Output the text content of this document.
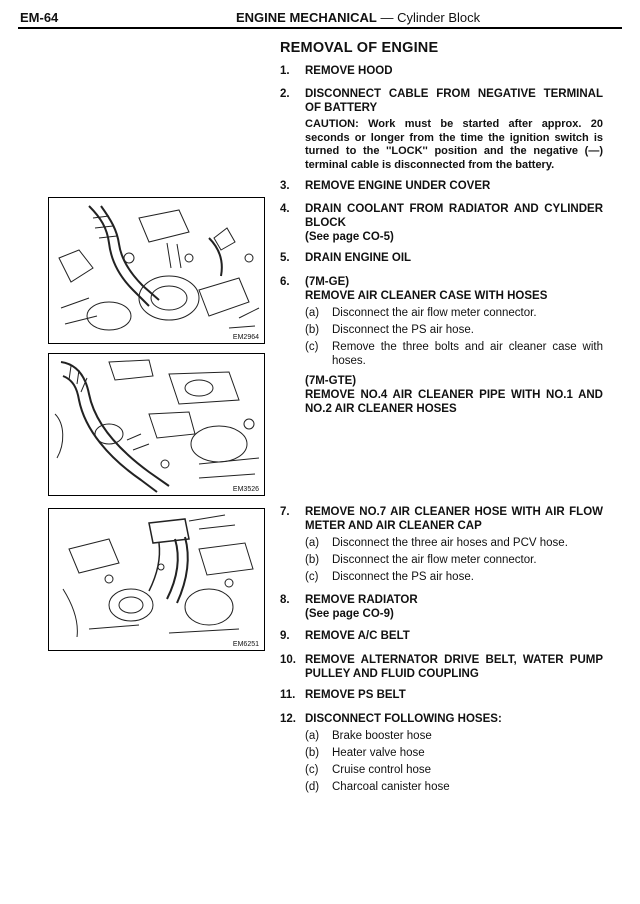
EM-64	ENGINE MECHANICAL — Cylinder Block
REMOVAL OF ENGINE
1. REMOVE HOOD
2. DISCONNECT CABLE FROM NEGATIVE TERMINAL OF BATTERY
CAUTION: Work must be started after approx. 20 seconds or longer from the time the ignition switch is turned to the ''LOCK'' position and the negative (—) terminal cable is disconnected from the battery.
3. REMOVE ENGINE UNDER COVER
4. DRAIN COOLANT FROM RADIATOR AND CYLINDER BLOCK
(See page CO-5)
5. DRAIN ENGINE OIL
6. (7M-GE)
REMOVE AIR CLEANER CASE WITH HOSES
(a) Disconnect the air flow meter connector.
(b) Disconnect the PS air hose.
(c) Remove the three bolts and air cleaner case with hoses.
(7M-GTE)
REMOVE NO.4 AIR CLEANER PIPE WITH NO.1 AND NO.2 AIR CLEANER HOSES
7. REMOVE NO.7 AIR CLEANER HOSE WITH AIR FLOW METER AND AIR CLEANER CAP
(a) Disconnect the three air hoses and PCV hose.
(b) Disconnect the air flow meter connector.
(c) Disconnect the PS air hose.
8. REMOVE RADIATOR
(See page CO-9)
9. REMOVE A/C BELT
10. REMOVE ALTERNATOR DRIVE BELT, WATER PUMP PULLEY AND FLUID COUPLING
11. REMOVE PS BELT
12. DISCONNECT FOLLOWING HOSES:
(a) Brake booster hose
(b) Heater valve hose
(c) Cruise control hose
(d) Charcoal canister hose
EM2964
EM3526
EM6251
